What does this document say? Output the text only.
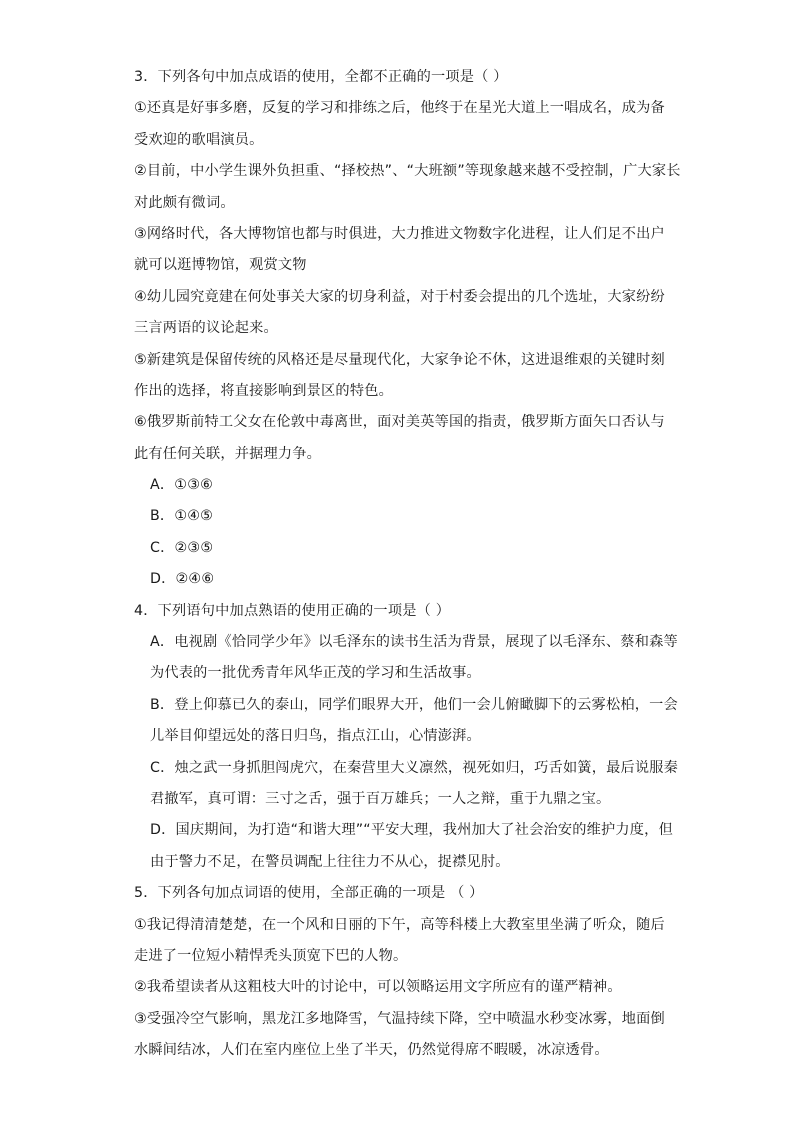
3．下列各句中加点成语的使用，全都不正确的一项是（ ）
①还真是好事多磨，反复的学习和排练之后，他终于在星光大道上一唱成名，成为备
受欢迎的歌唱演员。
②目前，中小学生课外负担重、“择校热”、“大班额”等现象越来越不受控制，广大家长
对此颇有微词。
③网络时代，各大博物馆也都与时俱进，大力推进文物数字化进程，让人们足不出户
就可以逛博物馆，观赏文物
④幼儿园究竟建在何处事关大家的切身利益，对于村委会提出的几个选址，大家纷纷
三言两语的议论起来。
⑤新建筑是保留传统的风格还是尽量现代化，大家争论不休，这进退维艰的关键时刻
作出的选择，将直接影响到景区的特色。
⑥俄罗斯前特工父女在伦敦中毒离世，面对美英等国的指责，俄罗斯方面矢口否认与
此有任何关联，并据理力争。
A．①③⑥
B．①④⑤
C．②③⑤
D．②④⑥
4．下列语句中加点熟语的使用正确的一项是（ ）
A．电视剧《恰同学少年》以毛泽东的读书生活为背景，展现了以毛泽东、蔡和森等
为代表的一批优秀青年风华正茂的学习和生活故事。
B．登上仰慕已久的泰山，同学们眼界大开，他们一会儿俯瞰脚下的云雾松柏，一会
儿举目仰望远处的落日归鸟，指点江山，心情澎湃。
C．烛之武一身抓胆闯虎穴，在秦营里大义凛然，视死如归，巧舌如簧，最后说服秦
君撤军，真可谓：三寸之舌，强于百万雄兵；一人之辩，重于九鼎之宝。
D．国庆期间，为打造“和谐大理”“平安大理，我州加大了社会治安的维护力度，但
由于警力不足，在警员调配上往往力不从心，捉襟见肘。
5．下列各句加点词语的使用，全部正确的一项是 （ ）
①我记得清清楚楚，在一个风和日丽的下午，高等科楼上大教室里坐满了听众，随后
走进了一位短小精悍秃头顶宽下巴的人物。
②我希望读者从这粗枝大叶的讨论中，可以领略运用文字所应有的谨严精神。
③受强冷空气影响，黑龙江多地降雪，气温持续下降，空中喷温水秒变冰雾，地面倒
水瞬间结冰，人们在室内座位上坐了半天，仍然觉得席不暇暖，冰凉透骨。
